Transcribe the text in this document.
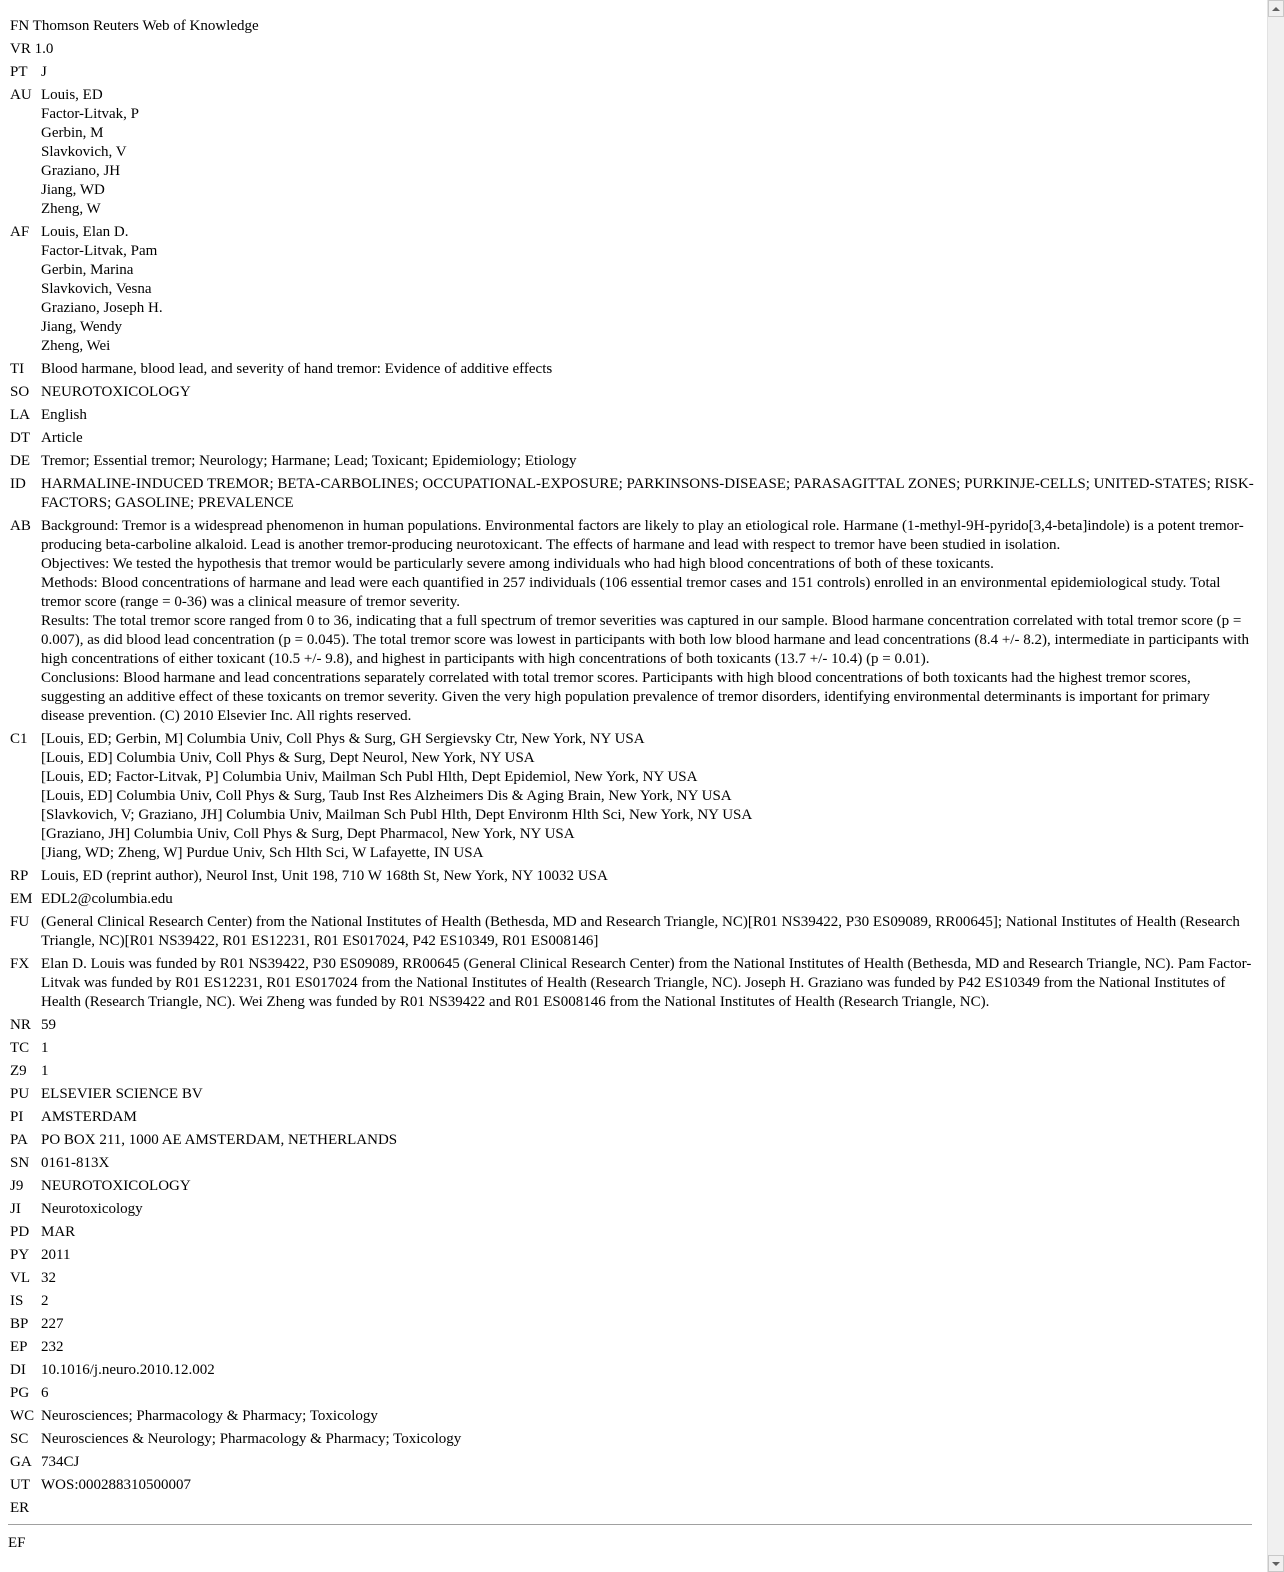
FN Thomson Reuters Web of Knowledge
VR 1.0
PT J
AU Louis, ED
Factor-Litvak, P
Gerbin, M
Slavkovich, V
Graziano, JH
Jiang, WD
Zheng, W
AF Louis, Elan D.
Factor-Litvak, Pam
Gerbin, Marina
Slavkovich, Vesna
Graziano, Joseph H.
Jiang, Wendy
Zheng, Wei
TI	Blood harmane, blood lead, and severity of hand tremor: Evidence of additive effects
SO NEUROTOXICOLOGY
LA English
DT Article
DE Tremor; Essential tremor; Neurology; Harmane; Lead; Toxicant; Epidemiology; Etiology
ID	HARMALINE-INDUCED TREMOR; BETA-CARBOLINES; OCCUPATIONAL-EXPOSURE; PARKINSONS-DISEASE; PARASAGITTAL ZONES; PURKINJE-CELLS; UNITED-STATES; RISK-FACTORS; GASOLINE; PREVALENCE
AB Background: Tremor is a widespread phenomenon in human populations. Environmental factors are likely to play an etiological role. Harmane (1-methyl-9H-pyrido[3,4-beta]indole) is a potent tremor-producing beta-carboline alkaloid. Lead is another tremor-producing neurotoxicant. The effects of harmane and lead with respect to tremor have been studied in isolation.
Objectives: We tested the hypothesis that tremor would be particularly severe among individuals who had high blood concentrations of both of these toxicants.
Methods: Blood concentrations of harmane and lead were each quantified in 257 individuals (106 essential tremor cases and 151 controls) enrolled in an environmental epidemiological study. Total tremor score (range = 0-36) was a clinical measure of tremor severity.
Results: The total tremor score ranged from 0 to 36, indicating that a full spectrum of tremor severities was captured in our sample. Blood harmane concentration correlated with total tremor score (p = 0.007), as did blood lead concentration (p = 0.045). The total tremor score was lowest in participants with both low blood harmane and lead concentrations (8.4 +/- 8.2), intermediate in participants with high concentrations of either toxicant (10.5 +/- 9.8), and highest in participants with high concentrations of both toxicants (13.7 +/- 10.4) (p = 0.01).
Conclusions: Blood harmane and lead concentrations separately correlated with total tremor scores. Participants with high blood concentrations of both toxicants had the highest tremor scores, suggesting an additive effect of these toxicants on tremor severity. Given the very high population prevalence of tremor disorders, identifying environmental determinants is important for primary disease prevention. (C) 2010 Elsevier Inc. All rights reserved.
C1 [Louis, ED; Gerbin, M] Columbia Univ, Coll Phys & Surg, GH Sergievsky Ctr, New York, NY USA
[Louis, ED] Columbia Univ, Coll Phys & Surg, Dept Neurol, New York, NY USA
[Louis, ED; Factor-Litvak, P] Columbia Univ, Mailman Sch Publ Hlth, Dept Epidemiol, New York, NY USA
[Louis, ED] Columbia Univ, Coll Phys & Surg, Taub Inst Res Alzheimers Dis & Aging Brain, New York, NY USA
[Slavkovich, V; Graziano, JH] Columbia Univ, Mailman Sch Publ Hlth, Dept Environm Hlth Sci, New York, NY USA
[Graziano, JH] Columbia Univ, Coll Phys & Surg, Dept Pharmacol, New York, NY USA
[Jiang, WD; Zheng, W] Purdue Univ, Sch Hlth Sci, W Lafayette, IN USA
RP Louis, ED (reprint author), Neurol Inst, Unit 198, 710 W 168th St, New York, NY 10032 USA
EM EDL2@columbia.edu
FU (General Clinical Research Center) from the National Institutes of Health (Bethesda, MD and Research Triangle, NC)[R01 NS39422, P30 ES09089, RR00645]; National Institutes of Health (Research Triangle, NC)[R01 NS39422, R01 ES12231, R01 ES017024, P42 ES10349, R01 ES008146]
FX Elan D. Louis was funded by R01 NS39422, P30 ES09089, RR00645 (General Clinical Research Center) from the National Institutes of Health (Bethesda, MD and Research Triangle, NC). Pam Factor-Litvak was funded by R01 ES12231, R01 ES017024 from the National Institutes of Health (Research Triangle, NC). Joseph H. Graziano was funded by P42 ES10349 from the National Institutes of Health (Research Triangle, NC). Wei Zheng was funded by R01 NS39422 and R01 ES008146 from the National Institutes of Health (Research Triangle, NC).
NR 59
TC 1
Z9 1
PU ELSEVIER SCIENCE BV
PI	AMSTERDAM
PA PO BOX 211, 1000 AE AMSTERDAM, NETHERLANDS
SN 0161-813X
J9	NEUROTOXICOLOGY
JI	Neurotoxicology
PD MAR
PY 2011
VL 32
IS	2
BP 227
EP 232
DI	10.1016/j.neuro.2010.12.002
PG 6
WC Neurosciences; Pharmacology & Pharmacy; Toxicology
SC Neurosciences & Neurology; Pharmacology & Pharmacy; Toxicology
GA 734CJ
UT WOS:000288310500007
ER
EF
